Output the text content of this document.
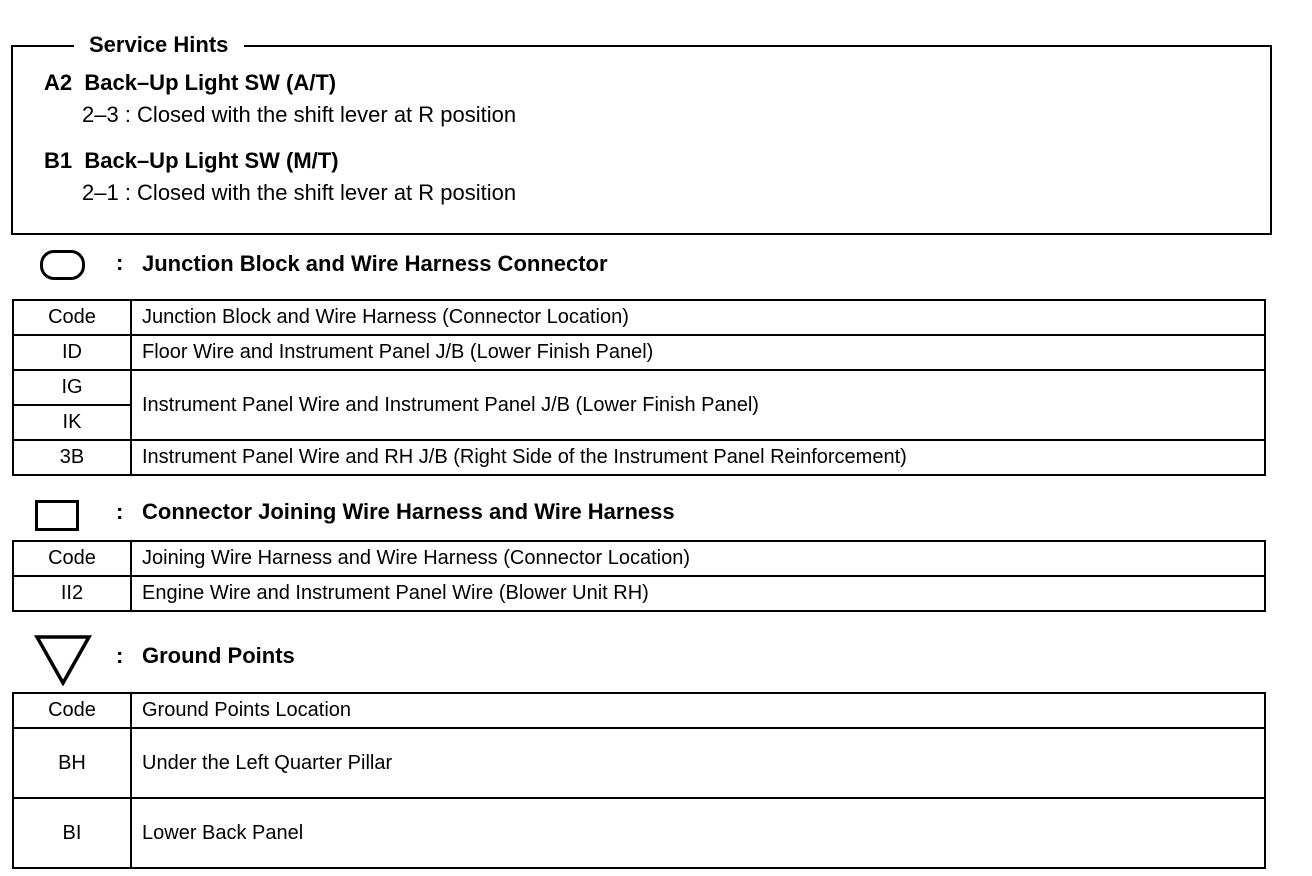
Service Hints
A2  Back–Up Light SW (A/T)
2–3 : Closed with the shift lever at R position
B1  Back–Up Light SW (M/T)
2–1 : Closed with the shift lever at R position
: Junction Block and Wire Harness Connector
Code	Junction Block and Wire Harness (Connector Location)
ID	Floor Wire and Instrument Panel J/B (Lower Finish Panel)
IG	Instrument Panel Wire and Instrument Panel J/B (Lower Finish Panel)
IK	
3B	Instrument Panel Wire and RH J/B (Right Side of the Instrument Panel Reinforcement)
: Connector Joining Wire Harness and Wire Harness
Code	Joining Wire Harness and Wire Harness (Connector Location)
II2	Engine Wire and Instrument Panel Wire (Blower Unit RH)
: Ground Points
Code	Ground Points Location
BH	Under the Left Quarter Pillar
BI	Lower Back Panel
